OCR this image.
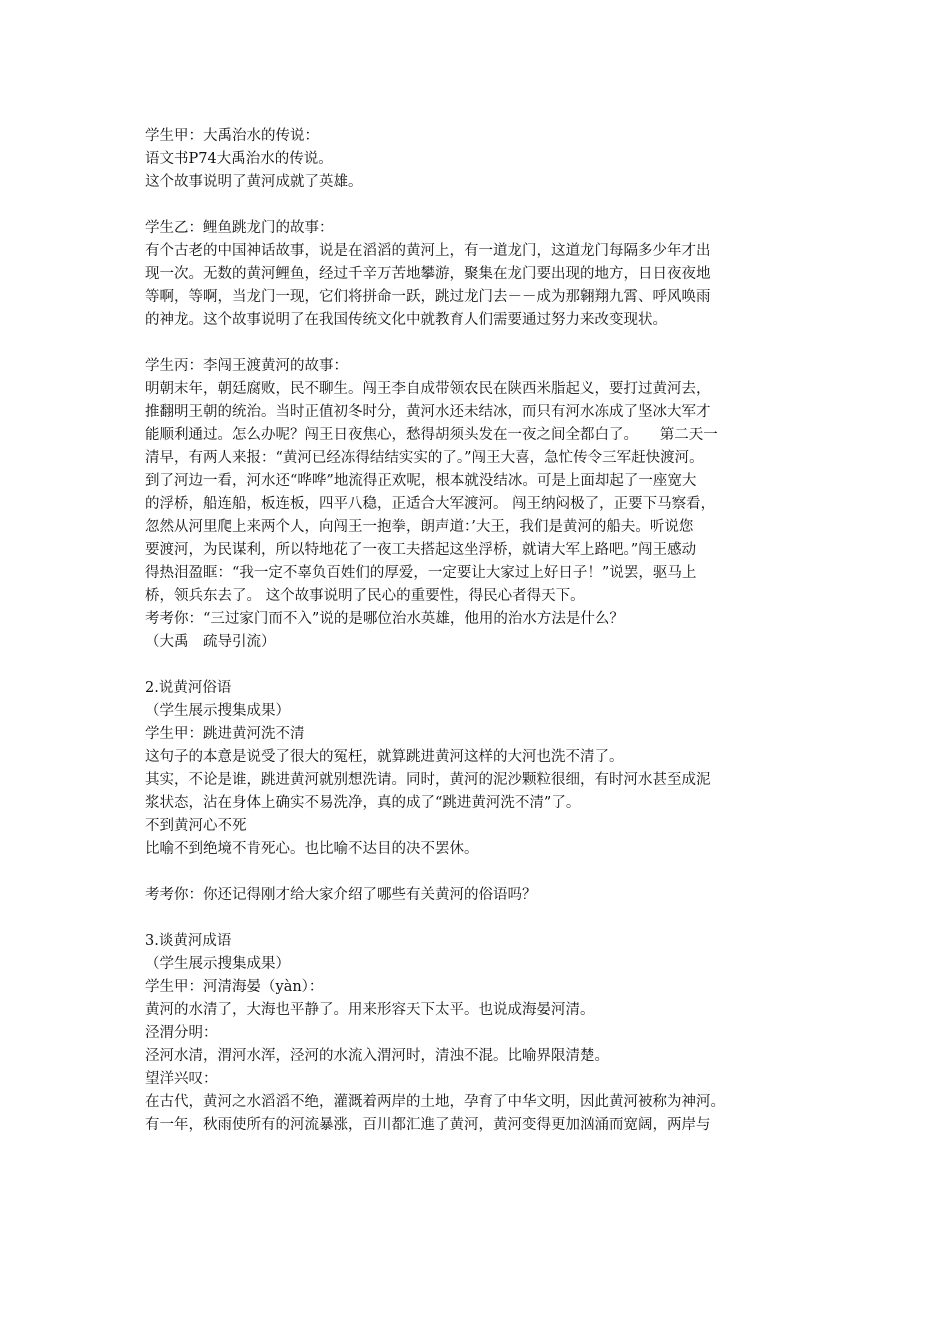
学生甲：大禹治水的传说：
语文书P74大禹治水的传说。
这个故事说明了黄河成就了英雄。
学生乙：鲤鱼跳龙门的故事：
有个古老的中国神话故事，说是在滔滔的黄河上，有一道龙门，这道龙门每隔多少年才出
现一次。无数的黄河鲤鱼，经过千辛万苦地攀游，聚集在龙门要出现的地方，日日夜夜地
等啊，等啊，当龙门一现，它们将拼命一跃，跳过龙门去－－成为那翱翔九霄、呼风唤雨
的神龙。这个故事说明了在我国传统文化中就教育人们需要通过努力来改变现状。
学生丙：李闯王渡黄河的故事：
明朝末年，朝廷腐败，民不聊生。闯王李自成带领农民在陕西米脂起义，要打过黄河去，
推翻明王朝的统治。当时正值初冬时分，黄河水还未结冰，而只有河水冻成了坚冰大军才
能顺利通过。怎么办呢？闯王日夜焦心，愁得胡须头发在一夜之间全都白了。　　第二天一
清早，有两人来报：“黄河已经冻得结结实实的了。”闯王大喜，急忙传令三军赶快渡河。
到了河边一看，河水还“哗哗”地流得正欢呢，根本就没结冰。可是上面却起了一座宽大
的浮桥，船连船，板连板，四平八稳，正适合大军渡河。 闯王纳闷极了，正要下马察看，
忽然从河里爬上来两个人，向闯王一抱拳，朗声道：’大王，我们是黄河的船夫。听说您
要渡河，为民谋利，所以特地花了一夜工夫搭起这坐浮桥，就请大军上路吧。”闯王感动
得热泪盈眶：“我一定不辜负百姓们的厚爱，一定要让大家过上好日子！”说罢，驱马上
桥，领兵东去了。 这个故事说明了民心的重要性，得民心者得天下。
考考你：“三过家门而不入”说的是哪位治水英雄，他用的治水方法是什么？
（大禹　疏导引流）
2.说黄河俗语
（学生展示搜集成果）
学生甲：跳进黄河洗不清
这句子的本意是说受了很大的冤枉，就算跳进黄河这样的大河也洗不清了。
其实，不论是谁，跳进黄河就别想洗请。同时，黄河的泥沙颗粒很细，有时河水甚至成泥
浆状态，沾在身体上确实不易洗净，真的成了“跳进黄河洗不清”了。
不到黄河心不死
比喻不到绝境不肯死心。也比喻不达目的决不罢休。
考考你：你还记得刚才给大家介绍了哪些有关黄河的俗语吗？
3.谈黄河成语
（学生展示搜集成果）
学生甲：河清海晏（yàn）：
黄河的水清了，大海也平静了。用来形容天下太平。也说成海晏河清。
泾渭分明：
泾河水清，渭河水浑，泾河的水流入渭河时，清浊不混。比喻界限清楚。
望洋兴叹：
在古代，黄河之水滔滔不绝，灌溉着两岸的土地，孕育了中华文明，因此黄河被称为神河。
有一年，秋雨使所有的河流暴涨，百川都汇進了黄河，黄河变得更加汹涌而宽阔，两岸与
